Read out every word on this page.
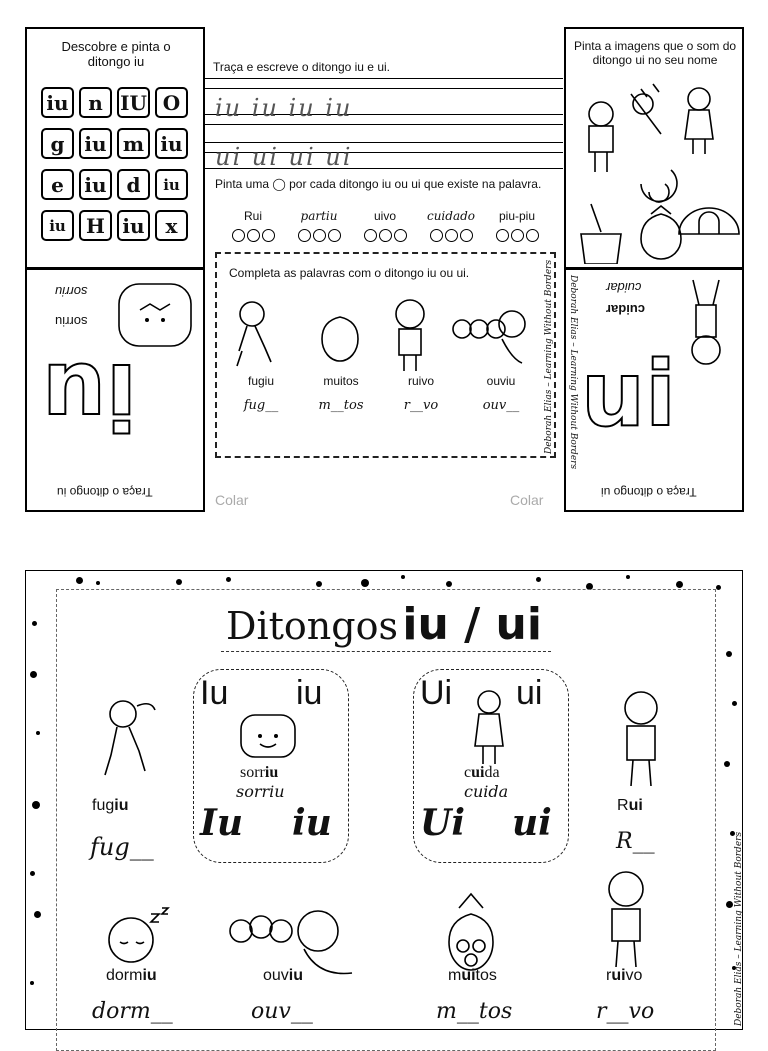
Descobre e pinta o ditongo iu
iu n IU O
g iu m iu
e	iu d	iu
iu	H iu	x
Traça e escreve o ditongo iu e ui.
iu iu iu iu
ui ui ui ui
Pinta uma ◯ por cada ditongo iu ou ui que existe na palavra.
Rui	partiu	uivo	cuidado	piu-piu
Pinta a imagens que o som do ditongo ui no seu nome
sorriu
sorriu
iu
Traça o ditongo iu
Completa as palavras com o ditongo iu ou ui.
fugiu
fug__
muitos
m__tos
ruivo
r__vo
ouviu
ouv__	Deborah Elias – Learning Without Borders	cuidar
cuidar
ui
Traça o ditongo ui
Deborah Elias – Learning Without Borders
Colar	Colar
Ditongos iu / ui
Iu iu
sorriu
sorriu
Iu iu
Ui ui
cuida
cuida
Ui ui
fugiu
fug__
Rui
R__
dormiu
dorm__
ouviu
ouv__
muitos
m__tos
ruivo
r__vo	Deborah Elias – Learning Without Borders
